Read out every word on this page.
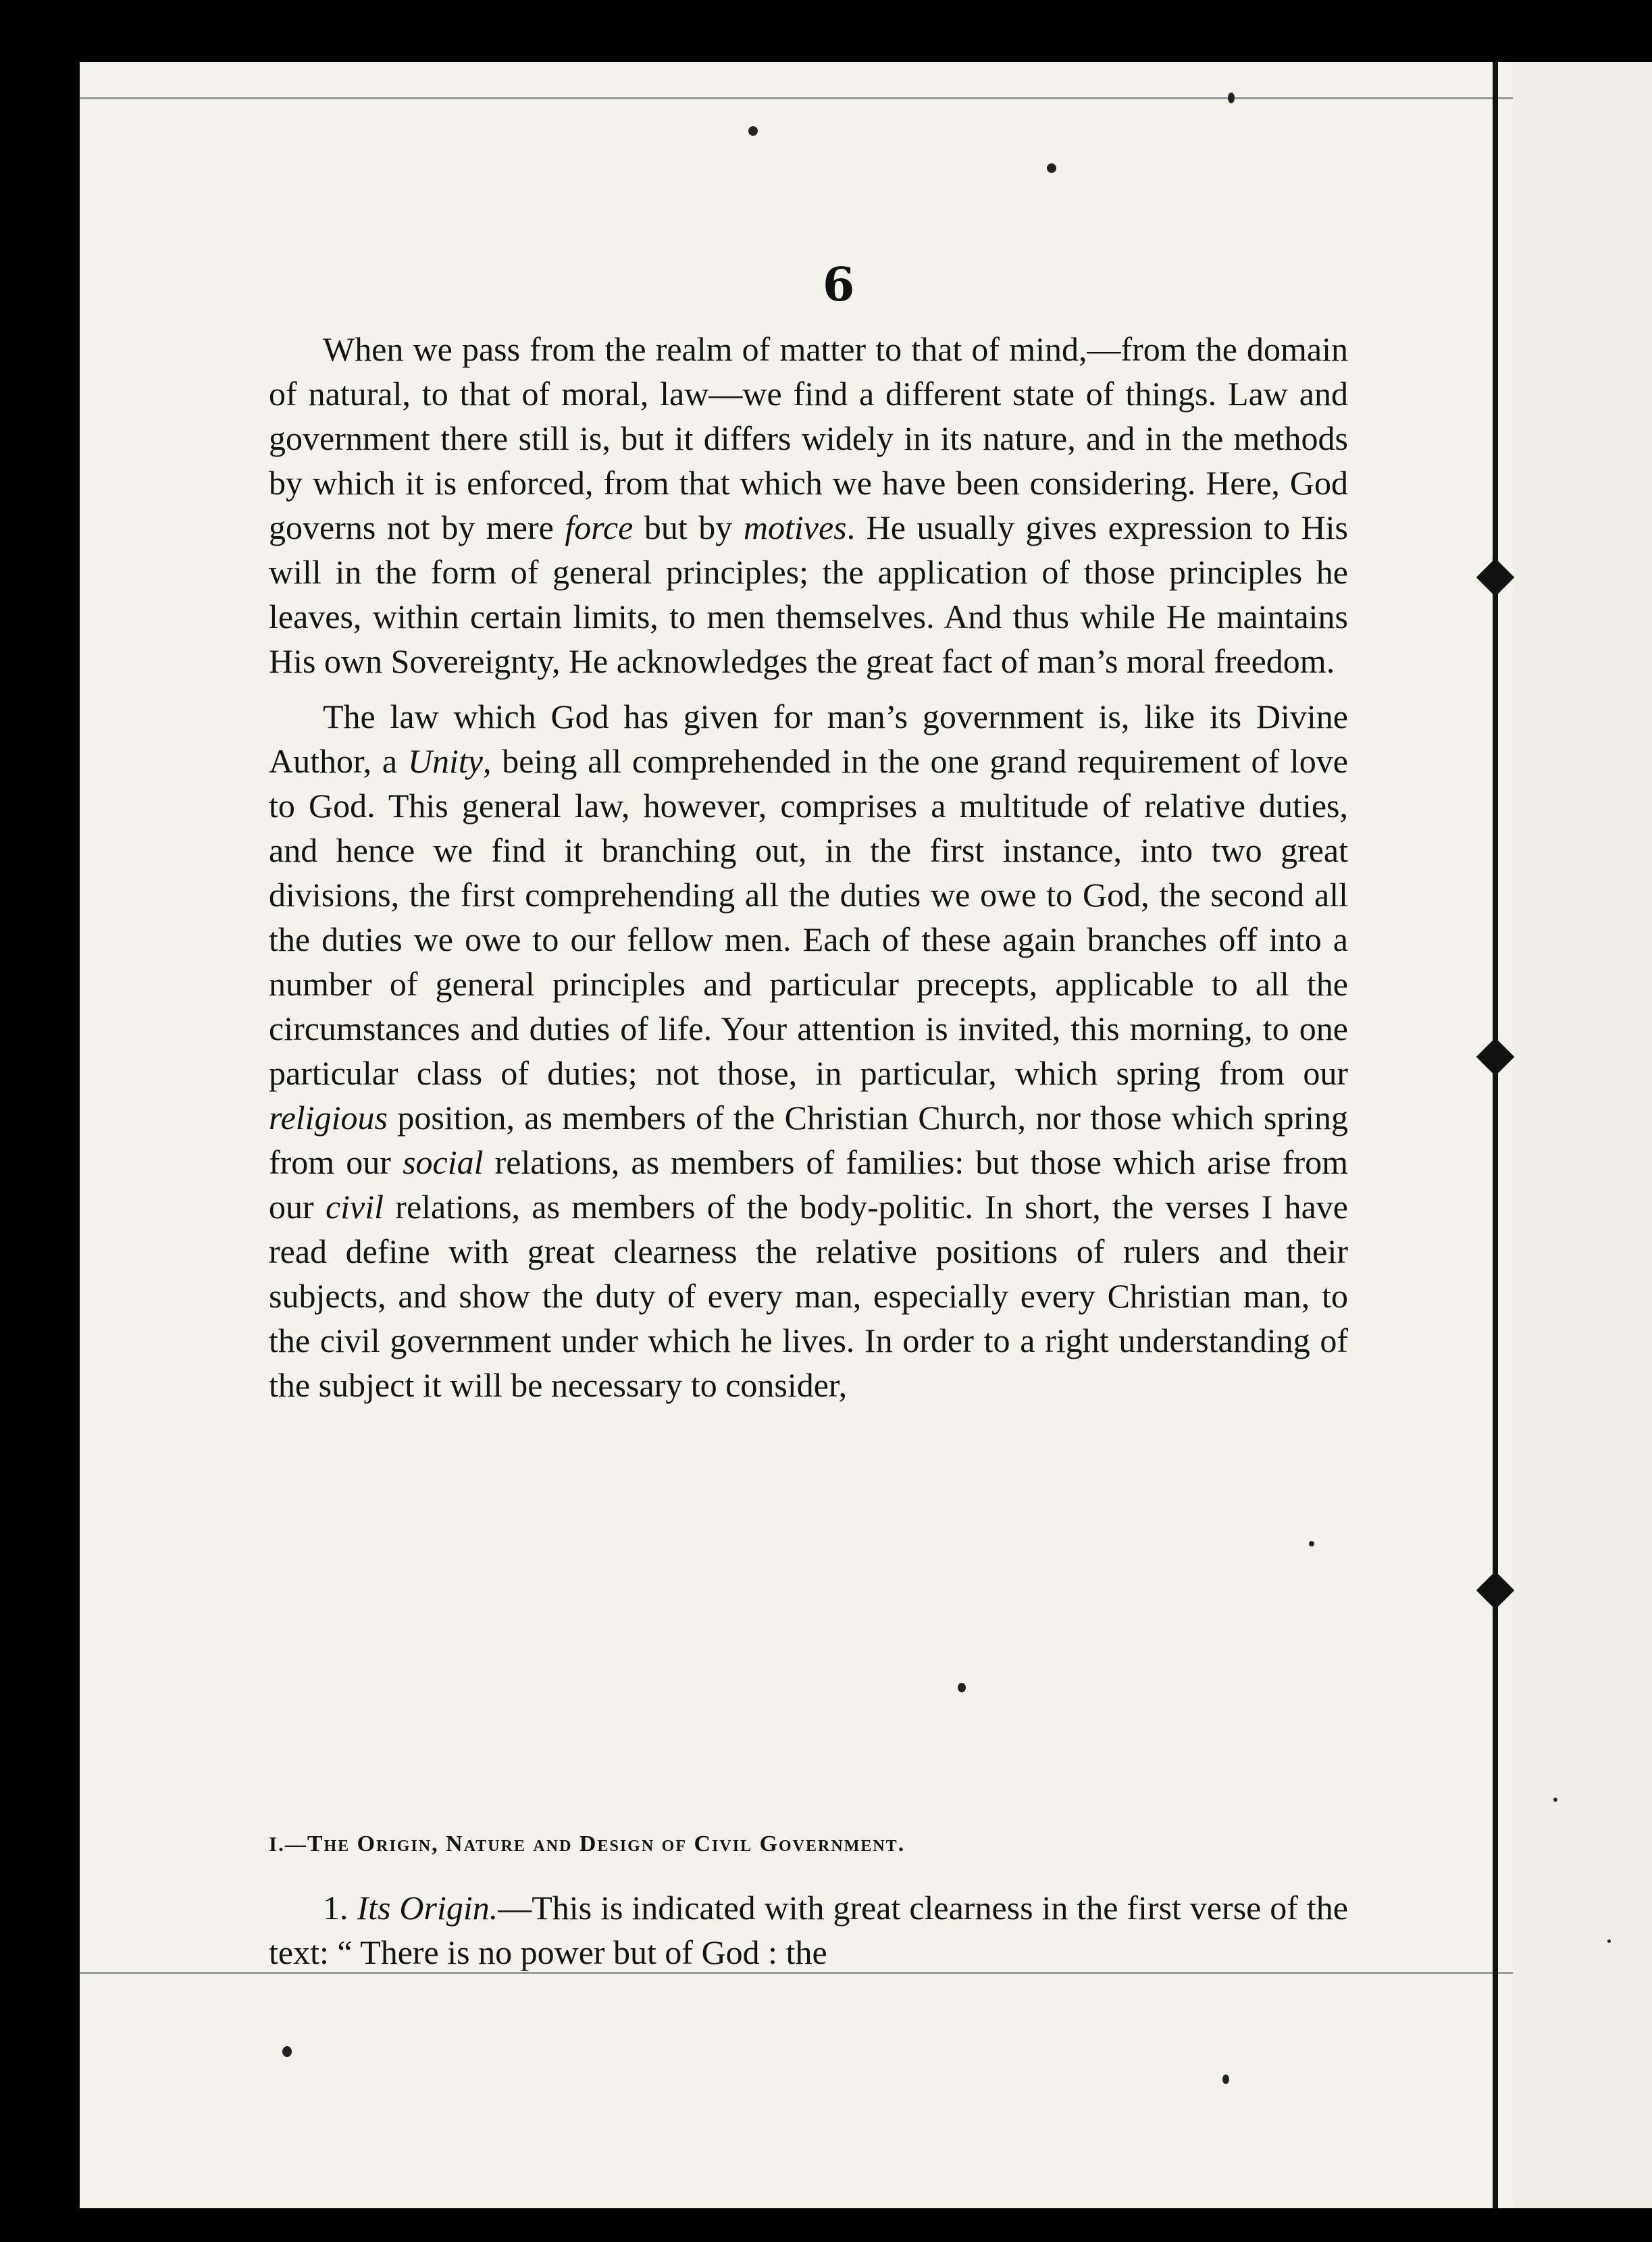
6

When we pass from the realm of matter to that of mind,—from the domain of natural, to that of moral, law—we find a different state of things. Law and government there still is, but it differs widely in its nature, and in the methods by which it is enforced, from that which we have been considering. Here, God governs not by mere force but by motives. He usually gives expression to His will in the form of general principles; the application of those principles he leaves, within certain limits, to men themselves. And thus while He maintains His own Sovereignty, He acknowledges the great fact of man’s moral freedom.

The law which God has given for man’s government is, like its Divine Author, a Unity, being all comprehended in the one grand requirement of love to God. This general law, however, comprises a multitude of relative duties, and hence we find it branching out, in the first instance, into two great divisions, the first comprehending all the duties we owe to God, the second all the duties we owe to our fellow men. Each of these again branches off into a number of general principles and particular precepts, applicable to all the circumstances and duties of life. Your attention is invited, this morning, to one particular class of duties; not those, in particular, which spring from our religious position, as members of the Christian Church, nor those which spring from our social relations, as members of families: but those which arise from our civil relations, as members of the body-politic. In short, the verses I have read define with great clearness the relative positions of rulers and their subjects, and show the duty of every man, especially every Christian man, to the civil government under which he lives. In order to a right understanding of the subject it will be necessary to consider,

I.—The Origin, Nature and Design of Civil Government.

1. Its Origin.—This is indicated with great clearness in the first verse of the text: “ There is no power but of God : the
